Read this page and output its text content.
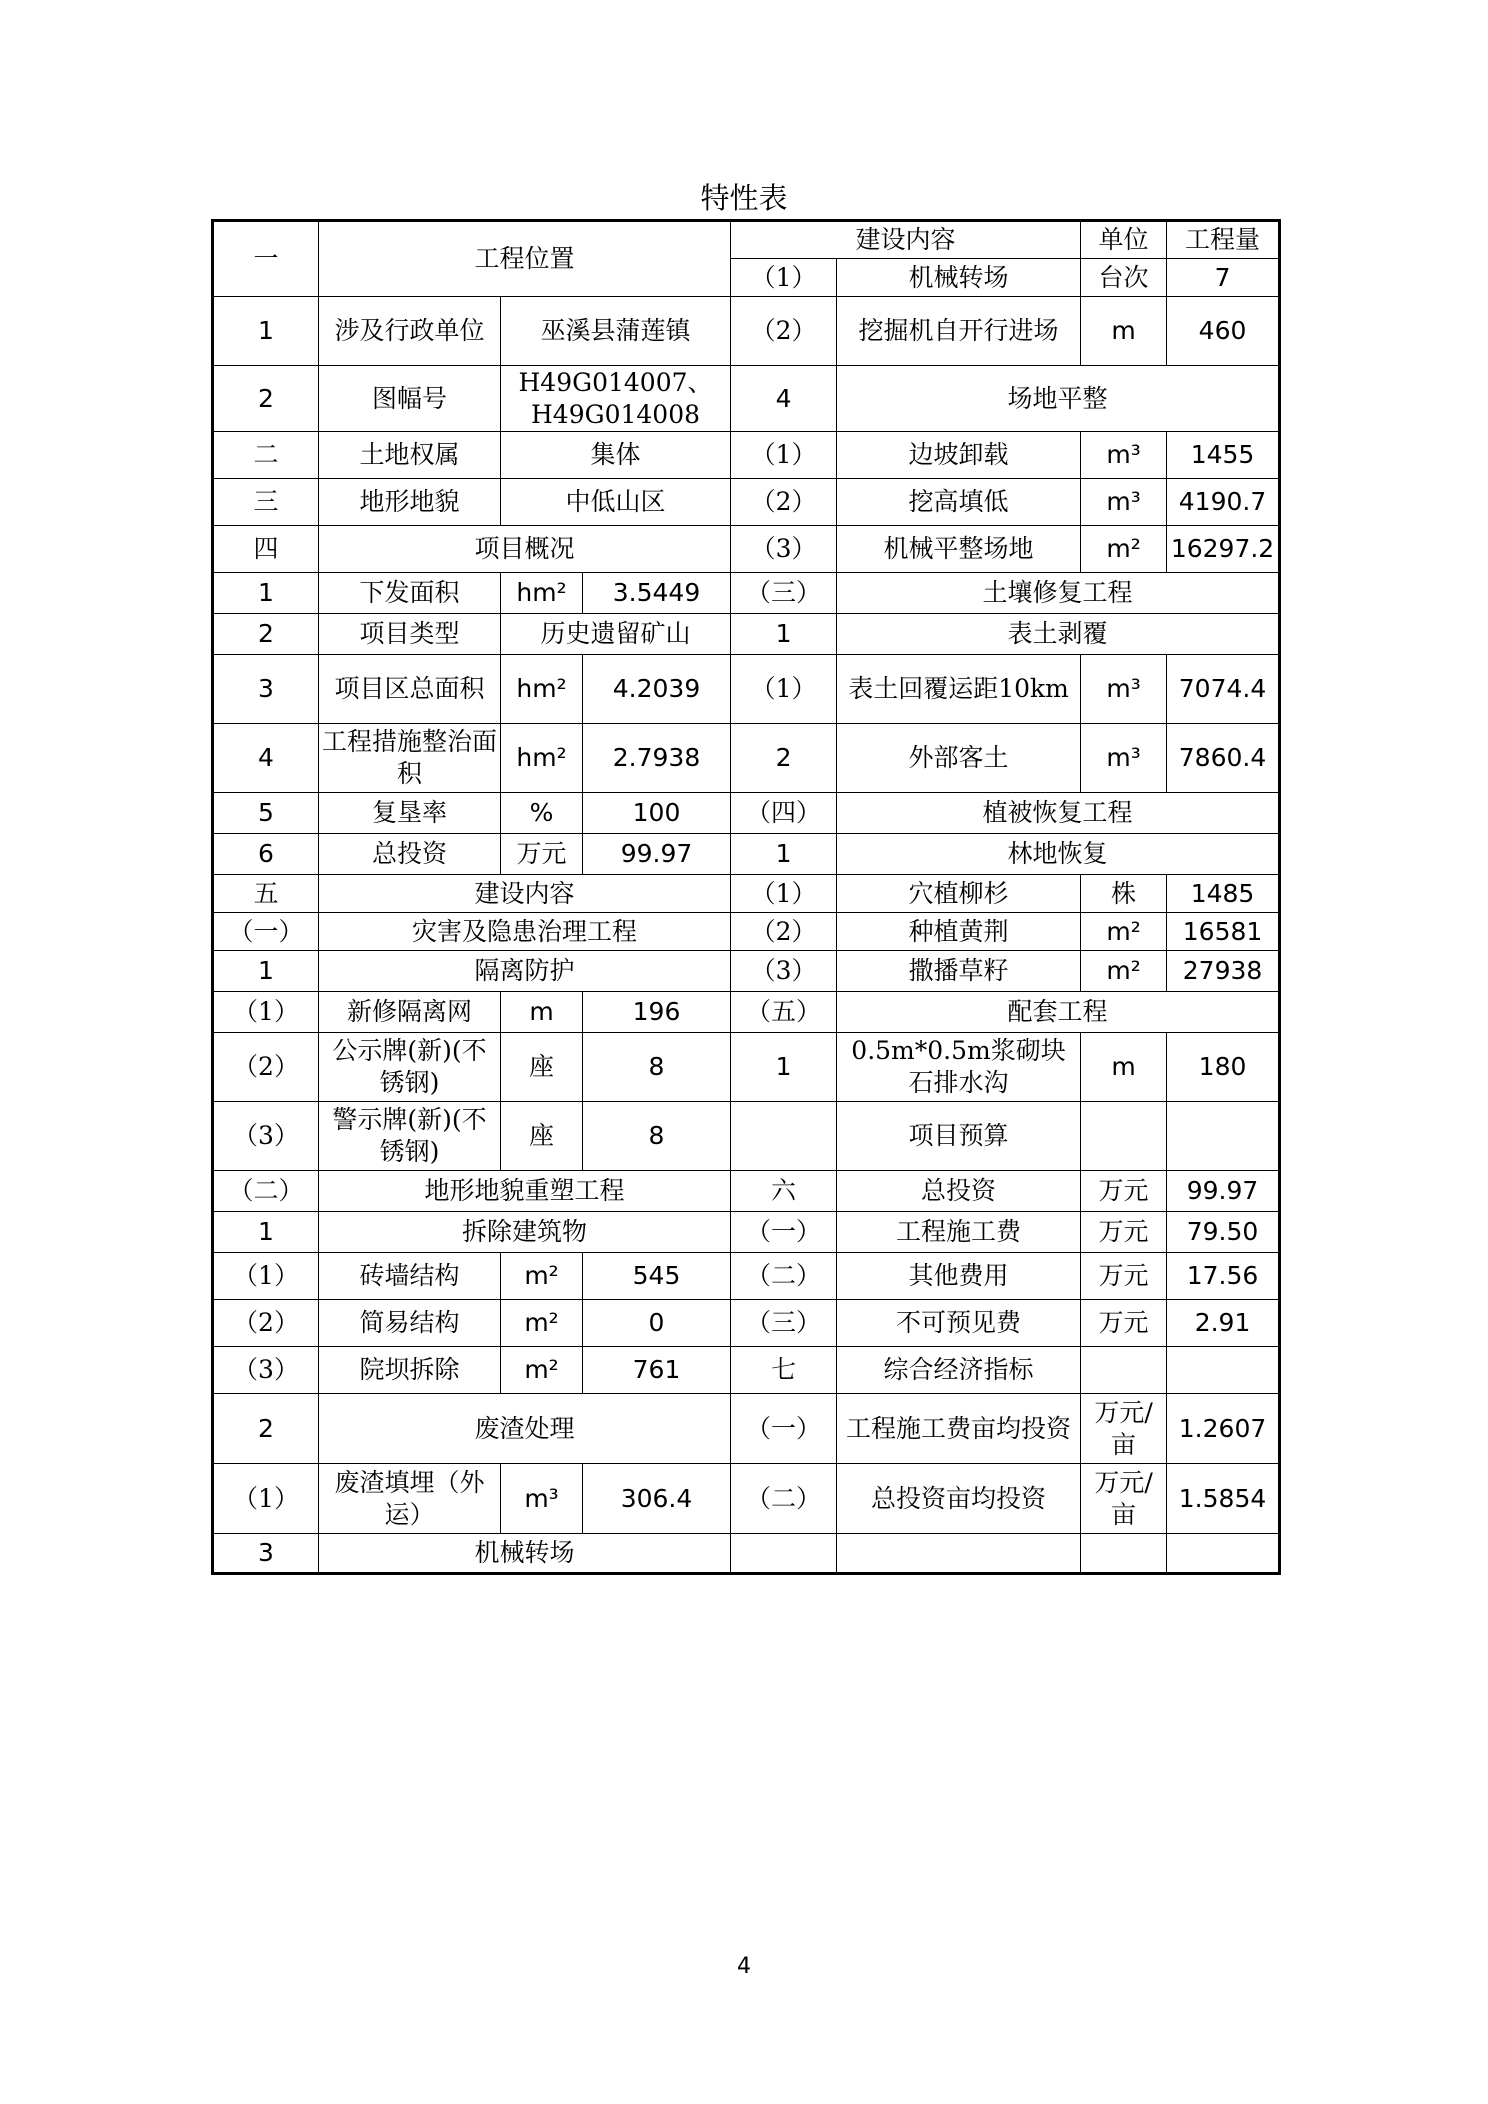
特性表
一	工程位置			建设内容		单位	工程量
				（1）	机械转场	台次	7
1	涉及行政单位	巫溪县蒲莲镇		（2）	挖掘机自开行进场	m	460
2	图幅号	H49G014007、H49G014008		4	场地平整		
二	土地权属	集体		（1）	边坡卸载	m³	1455
三	地形地貌	中低山区		（2）	挖高填低	m³	4190.7
四	项目概况			（3）	机械平整场地	m²	16297.2
1	下发面积	hm²	3.5449	（三）	土壤修复工程		
2	项目类型	历史遗留矿山		1	表土剥覆		
3	项目区总面积	hm²	4.2039	（1）	表土回覆运距10km	m³	7074.4
4	工程措施整治面积	hm²	2.7938	2	外部客土	m³	7860.4
5	复垦率	%	100	（四）	植被恢复工程		
6	总投资	万元	99.97	1	林地恢复		
五	建设内容			（1）	穴植柳杉	株	1485
（一）	灾害及隐患治理工程			（2）	种植黄荆	m²	16581
1	隔离防护			（3）	撒播草籽	m²	27938
（1）	新修隔离网	m	196	（五）	配套工程		
（2）	公示牌(新)(不锈钢)	座	8	1	0.5m*0.5m浆砌块石排水沟	m	180
（3）	警示牌(新)(不锈钢)	座	8		项目预算		
（二）	地形地貌重塑工程			六	总投资	万元	99.97
1	拆除建筑物			（一）	工程施工费	万元	79.50
（1）	砖墙结构	m²	545	（二）	其他费用	万元	17.56
（2）	简易结构	m²	0	（三）	不可预见费	万元	2.91
（3）	院坝拆除	m²	761	七	综合经济指标		
2	废渣处理			（一）	工程施工费亩均投资	万元/亩	1.2607
（1）	废渣填埋（外运）	m³	306.4	（二）	总投资亩均投资	万元/亩	1.5854
3	机械转场						
4
